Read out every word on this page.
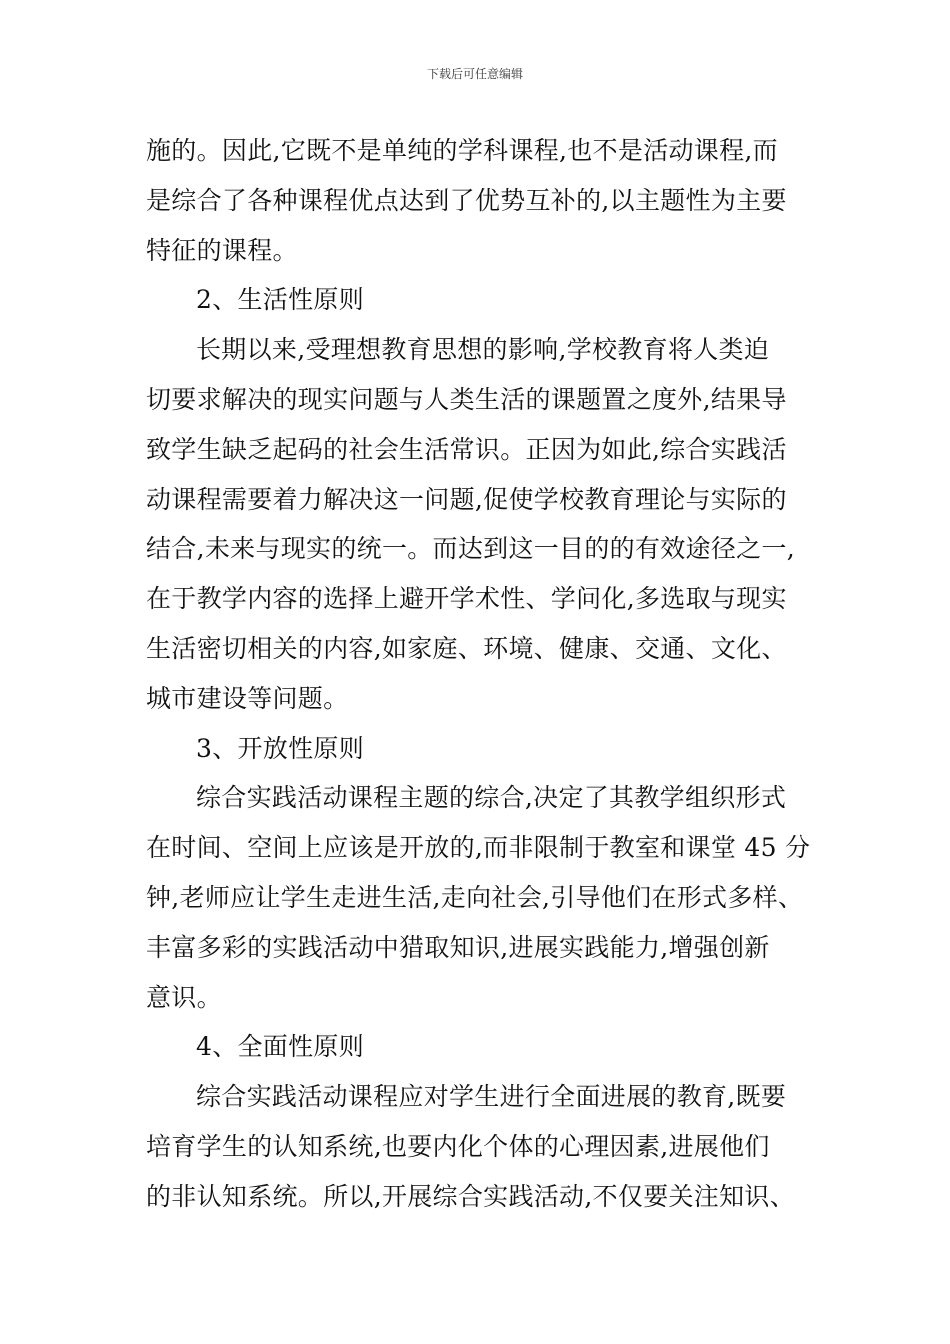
下载后可任意编辑
施的。因此,它既不是单纯的学科课程,也不是活动课程,而
是综合了各种课程优点达到了优势互补的,以主题性为主要
特征的课程。
2、生活性原则
长期以来,受理想教育思想的影响,学校教育将人类迫
切要求解决的现实问题与人类生活的课题置之度外,结果导
致学生缺乏起码的社会生活常识。正因为如此,综合实践活
动课程需要着力解决这一问题,促使学校教育理论与实际的
结合,未来与现实的统一。而达到这一目的的有效途径之一,
在于教学内容的选择上避开学术性、学问化,多选取与现实
生活密切相关的内容,如家庭、环境、健康、交通、文化、
城市建设等问题。
3、开放性原则
综合实践活动课程主题的综合,决定了其教学组织形式
在时间、空间上应该是开放的,而非限制于教室和课堂 45 分
钟,老师应让学生走进生活,走向社会,引导他们在形式多样、
丰富多彩的实践活动中猎取知识,进展实践能力,增强创新
意识。
4、全面性原则
综合实践活动课程应对学生进行全面进展的教育,既要
培育学生的认知系统,也要内化个体的心理因素,进展他们
的非认知系统。所以,开展综合实践活动,不仅要关注知识、
